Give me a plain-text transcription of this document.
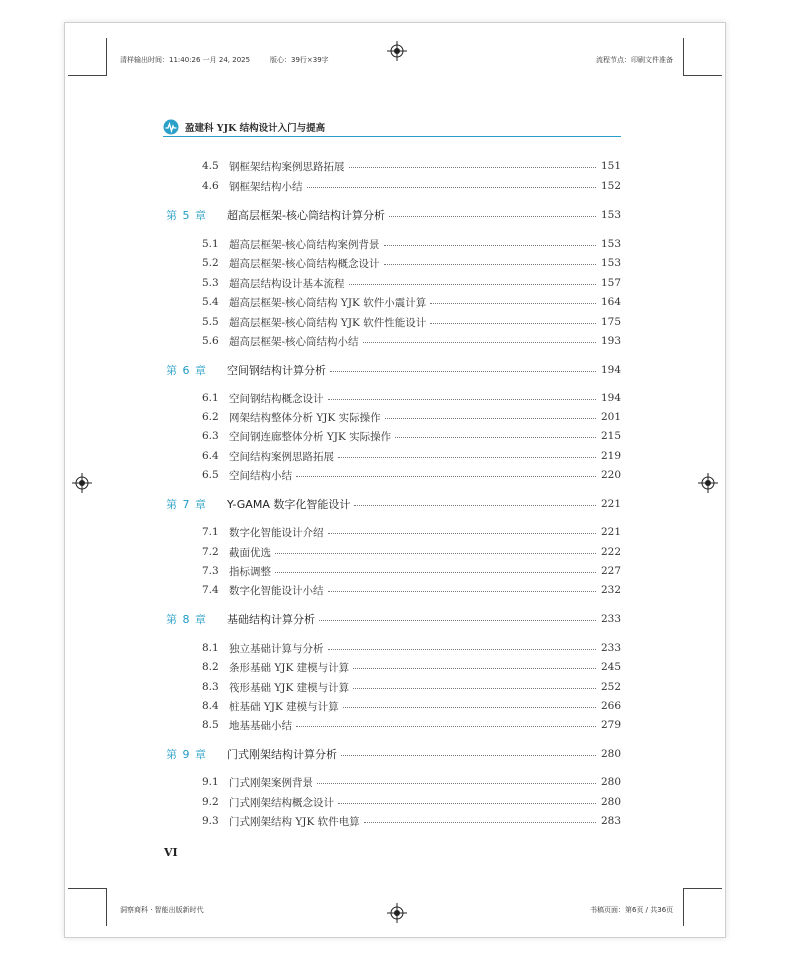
清样输出时间：11:40:26 一月 24, 2025	版心：39行×39字	流程节点：印刷文件准备
盈建科 YJK 结构设计入门与提高
4.5 钢框架结构案例思路拓展	151
4.6 钢框架结构小结	152
第 5 章 超高层框架-核心筒结构计算分析	153
5.1 超高层框架-核心筒结构案例背景	153
5.2 超高层框架-核心筒结构概念设计	153
5.3 超高层结构设计基本流程	157
5.4 超高层框架-核心筒结构 YJK 软件小震计算	164
5.5 超高层框架-核心筒结构 YJK 软件性能设计	175
5.6 超高层框架-核心筒结构小结	193
第 6 章 空间钢结构计算分析	194
6.1 空间钢结构概念设计	194
6.2 网架结构整体分析 YJK 实际操作	201
6.3 空间钢连廊整体分析 YJK 实际操作	215
6.4 空间结构案例思路拓展	219
6.5 空间结构小结	220
第 7 章 Y-GAMA 数字化智能设计	221
7.1 数字化智能设计介绍	221
7.2 截面优选	222
7.3 指标调整	227
7.4 数字化智能设计小结	232
第 8 章 基础结构计算分析	233
8.1 独立基础计算与分析	233
8.2 条形基础 YJK 建模与计算	245
8.3 筏形基础 YJK 建模与计算	252
8.4 桩基础 YJK 建模与计算	266
8.5 地基基础小结	279
第 9 章 门式刚架结构计算分析	280
9.1 门式刚架案例背景	280
9.2 门式刚架结构概念设计	280
9.3 门式刚架结构 YJK 软件电算	283
VI
洞察商科 · 智能出版新时代	书稿页面：第6页 / 共36页
